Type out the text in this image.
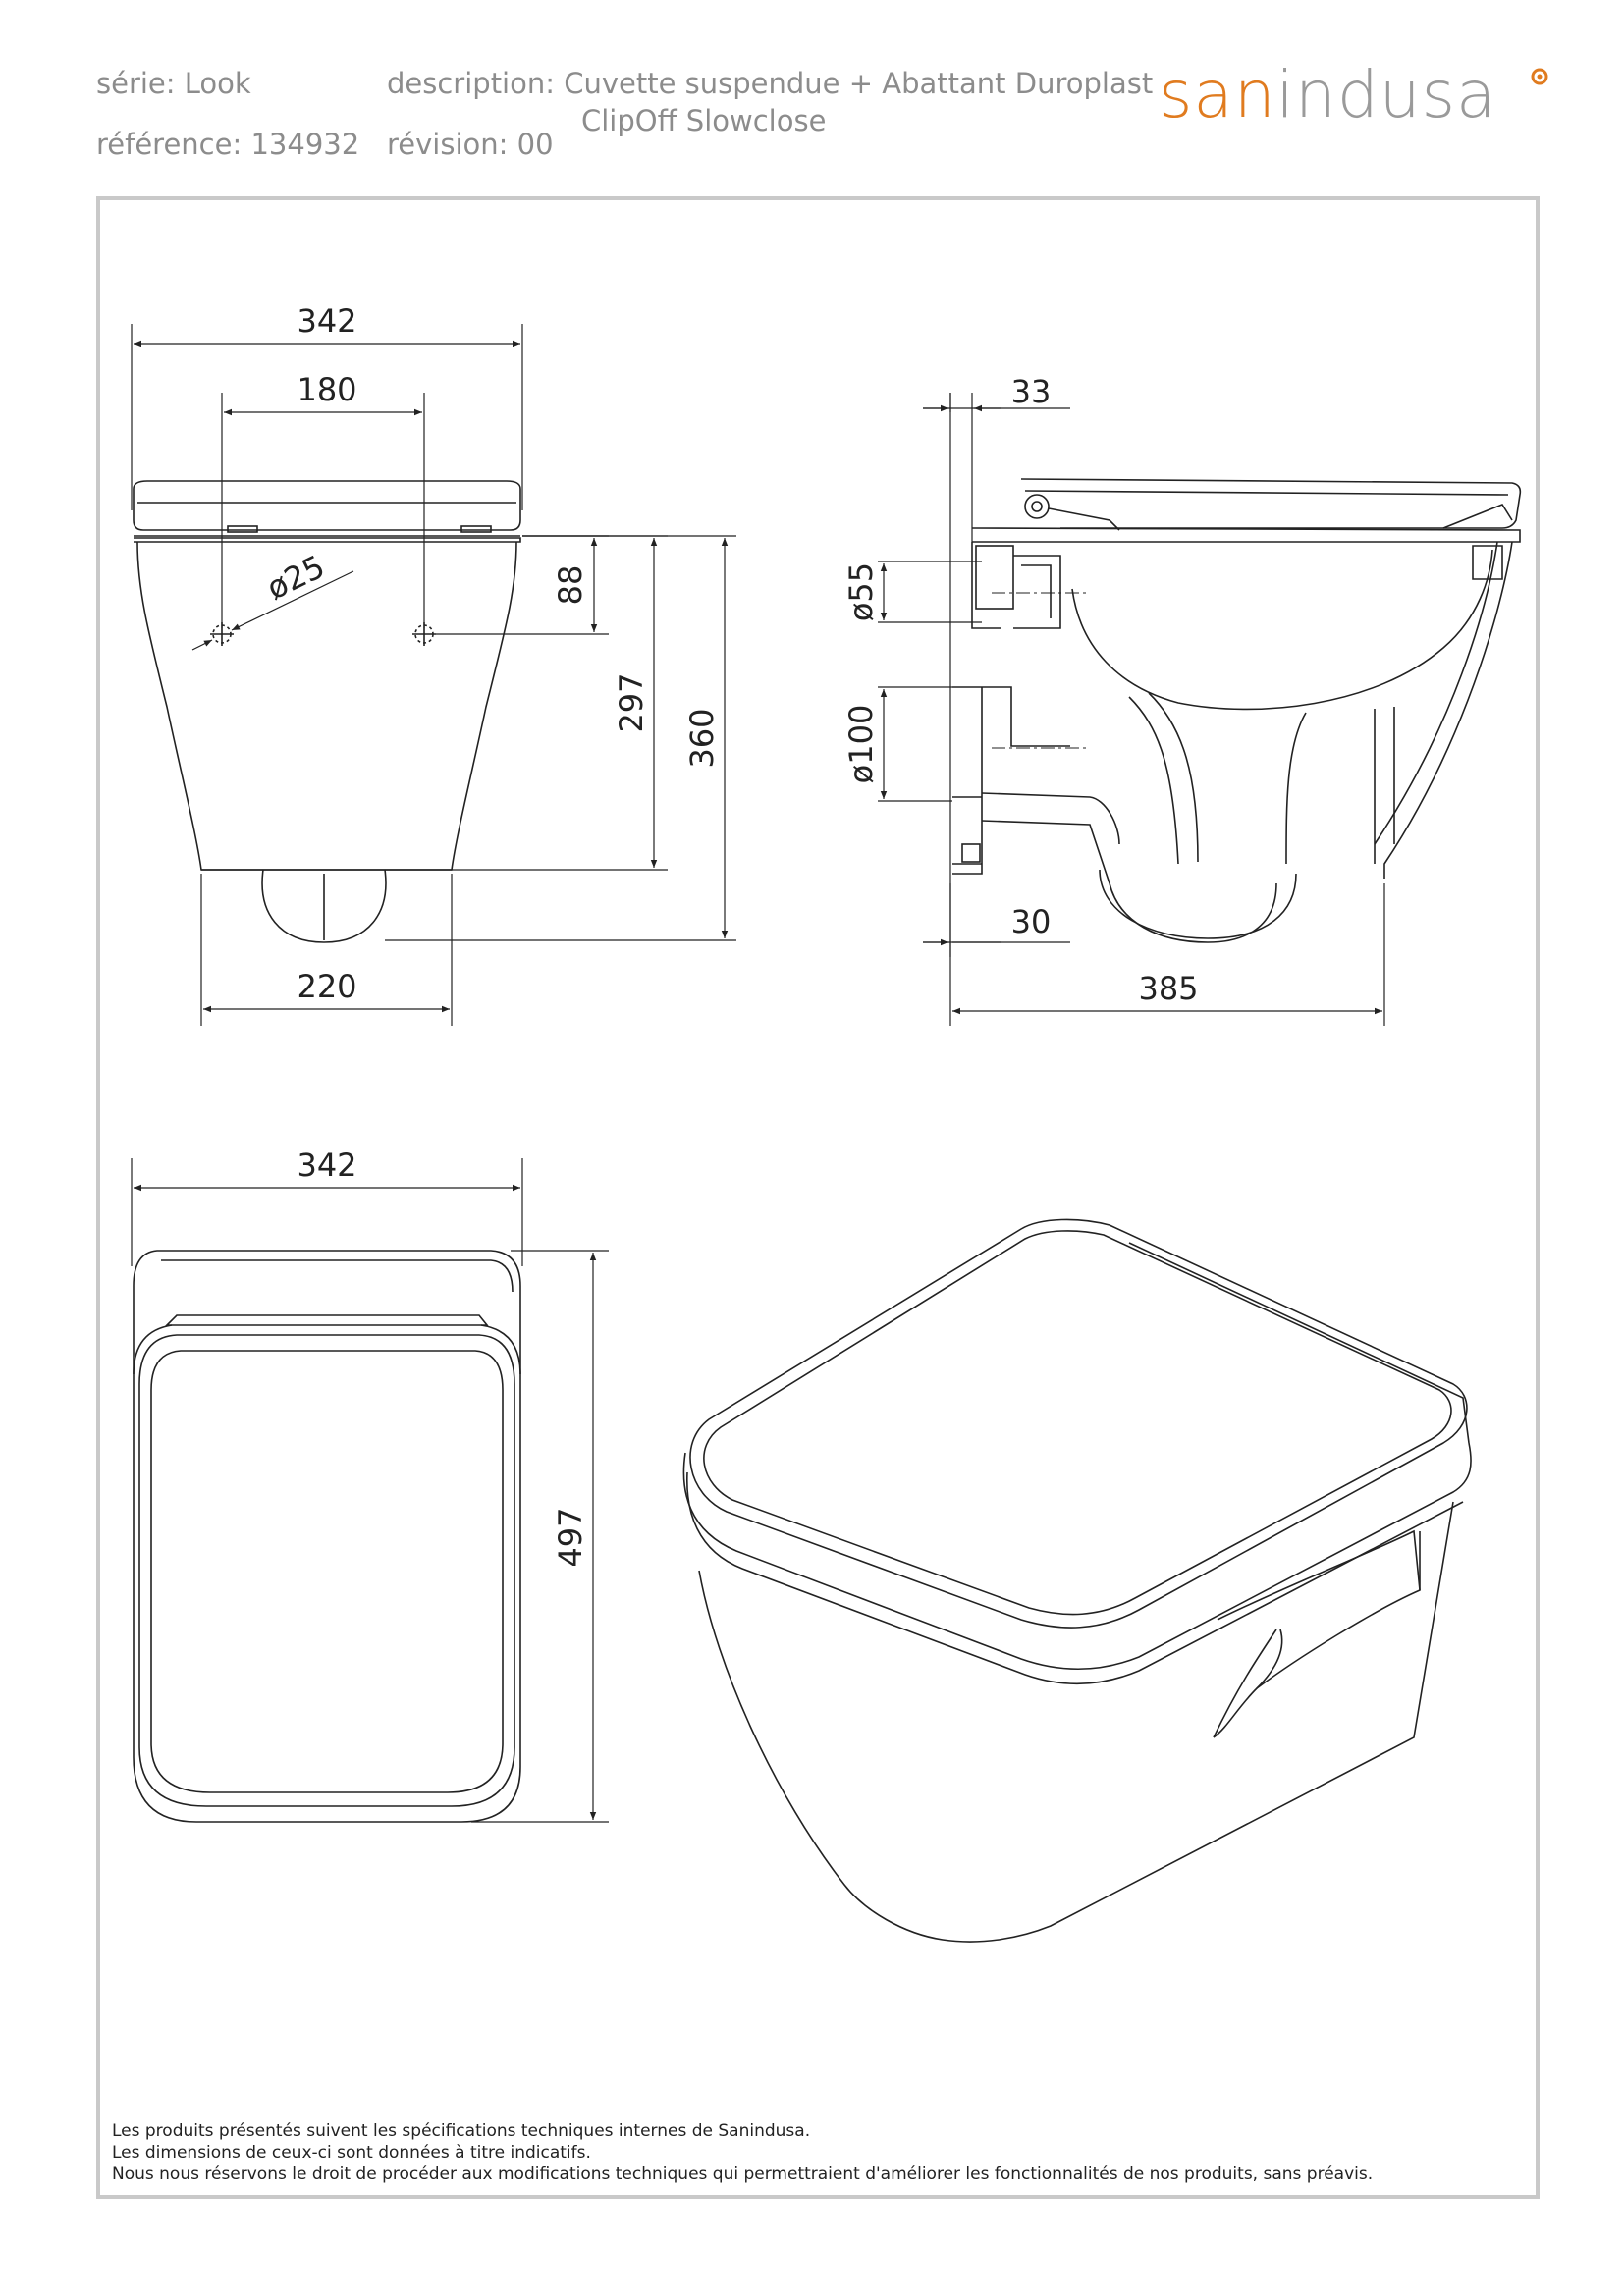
série: Look
référence: 134932
description: Cuvette suspendue + Abattant Duroplast
ClipOff Slowclose
révision: 00
sanindusa
342
180
ø25	88
297
360
220
33
ø55
ø100
30
385
342
497
Les produits présentés suivent les spécifications techniques internes de Sanindusa.
Les dimensions de ceux-ci sont données à titre indicatifs.
Nous nous réservons le droit de procéder aux modifications techniques qui permettraient d'améliorer les fonctionnalités de nos produits, sans préavis.
